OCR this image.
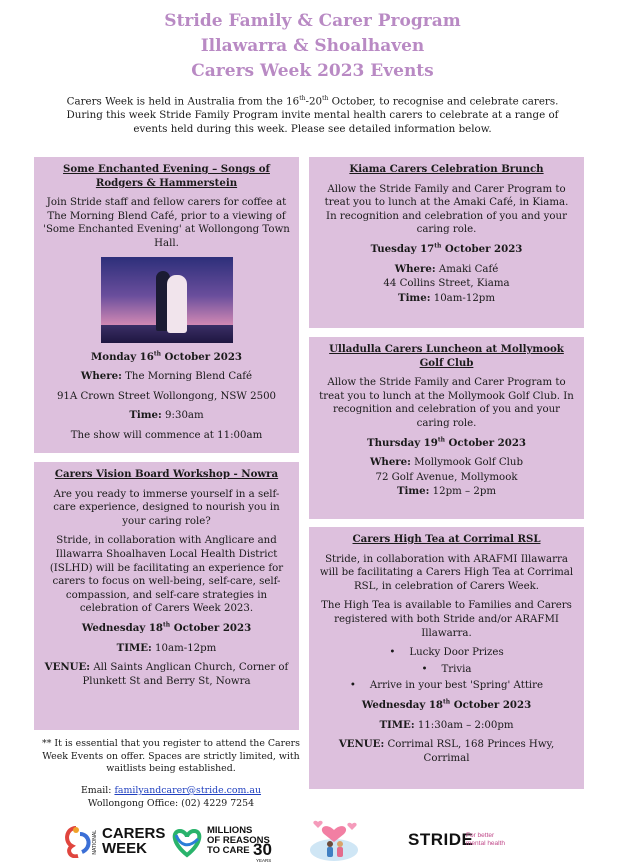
Stride Family & Carer Program
Illawarra & Shoalhaven
Carers Week 2023 Events
Carers Week is held in Australia from the 16th-20th October, to recognise and celebrate carers. During this week Stride Family Program invite mental health carers to celebrate at a range of events held during this week. Please see detailed information below.
Some Enchanted Evening – Songs of Rodgers & Hammerstein

Join Stride staff and fellow carers for coffee at The Morning Blend Café, prior to a viewing of 'Some Enchanted Evening' at Wollongong Town Hall.

Monday 16th October 2023

Where: The Morning Blend Café

91A Crown Street Wollongong, NSW 2500

Time: 9:30am

The show will commence at 11:00am

Carers Vision Board Workshop - Nowra

Are you ready to immerse yourself in a self-care experience, designed to nourish you in your caring role?

Stride, in collaboration with Anglicare and Illawarra Shoalhaven Local Health District (ISLHD) will be facilitating an experience for carers to focus on well-being, self-care, self-compassion, and self-care strategies in celebration of Carers Week 2023.

Wednesday 18th October 2023

TIME: 10am-12pm

VENUE: All Saints Anglican Church, Corner of Plunkett St and Berry St, Nowra

Kiama Carers Celebration Brunch

Allow the Stride Family and Carer Program to treat you to lunch at the Amaki Café, in Kiama. In recognition and celebration of you and your caring role.

Tuesday 17th October 2023

Where: Amaki Café

44 Collins Street, Kiama

Time: 10am-12pm

Ulladulla Carers Luncheon at Mollymook Golf Club

Allow the Stride Family and Carer Program to treat you to lunch at the Mollymook Golf Club. In recognition and celebration of you and your caring role.

Thursday 19th October 2023

Where: Mollymook Golf Club

72 Golf Avenue, Mollymook

Time: 12pm – 2pm

Carers High Tea at Corrimal RSL

Stride, in collaboration with ARAFMI Illawarra will be facilitating a Carers High Tea at Corrimal RSL, in celebration of Carers Week.

The High Tea is available to Families and Carers registered with both Stride and/or ARAFMI Illawarra.

• Lucky Door Prizes
• Trivia
• Arrive in your best 'Spring' Attire

Wednesday 18th October 2023

TIME: 11:30am – 2:00pm

VENUE: Corrimal RSL, 168 Princes Hwy, Corrimal

** It is essential that you register to attend the Carers Week Events on offer. Spaces are strictly limited, with waitlists being established.
Email: familyandcarer@stride.com.au
Wollongong Office: (02) 4229 7254
NATIONAL CARERS
WEEK
MILLIONS
OF REASONS
TO CARE 30
YEARS
STRIDE
For better
mental health
